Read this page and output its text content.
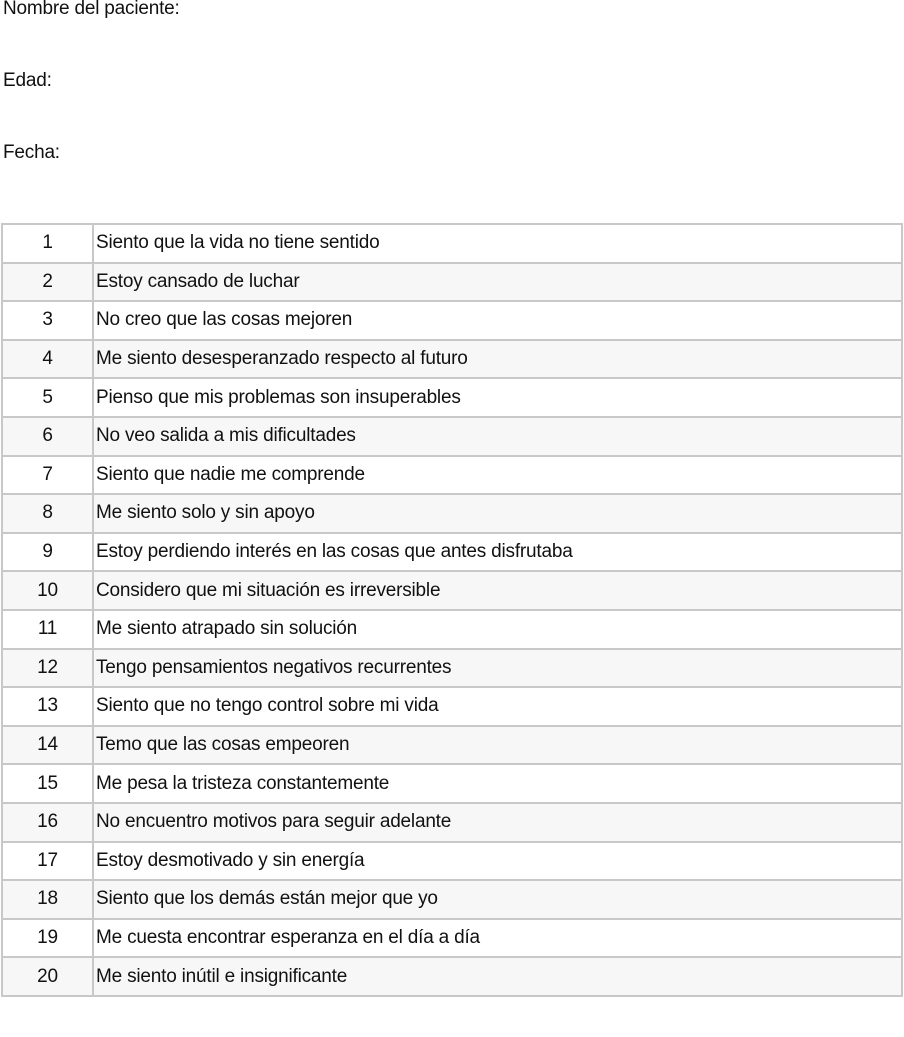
Nombre del paciente:
Edad:
Fecha:
1	Siento que la vida no tiene sentido
2	Estoy cansado de luchar
3	No creo que las cosas mejoren
4	Me siento desesperanzado respecto al futuro
5	Pienso que mis problemas son insuperables
6	No veo salida a mis dificultades
7	Siento que nadie me comprende
8	Me siento solo y sin apoyo
9	Estoy perdiendo interés en las cosas que antes disfrutaba
10	Considero que mi situación es irreversible
11	Me siento atrapado sin solución
12	Tengo pensamientos negativos recurrentes
13	Siento que no tengo control sobre mi vida
14	Temo que las cosas empeoren
15	Me pesa la tristeza constantemente
16	No encuentro motivos para seguir adelante
17	Estoy desmotivado y sin energía
18	Siento que los demás están mejor que yo
19	Me cuesta encontrar esperanza en el día a día
20	Me siento inútil e insignificante
